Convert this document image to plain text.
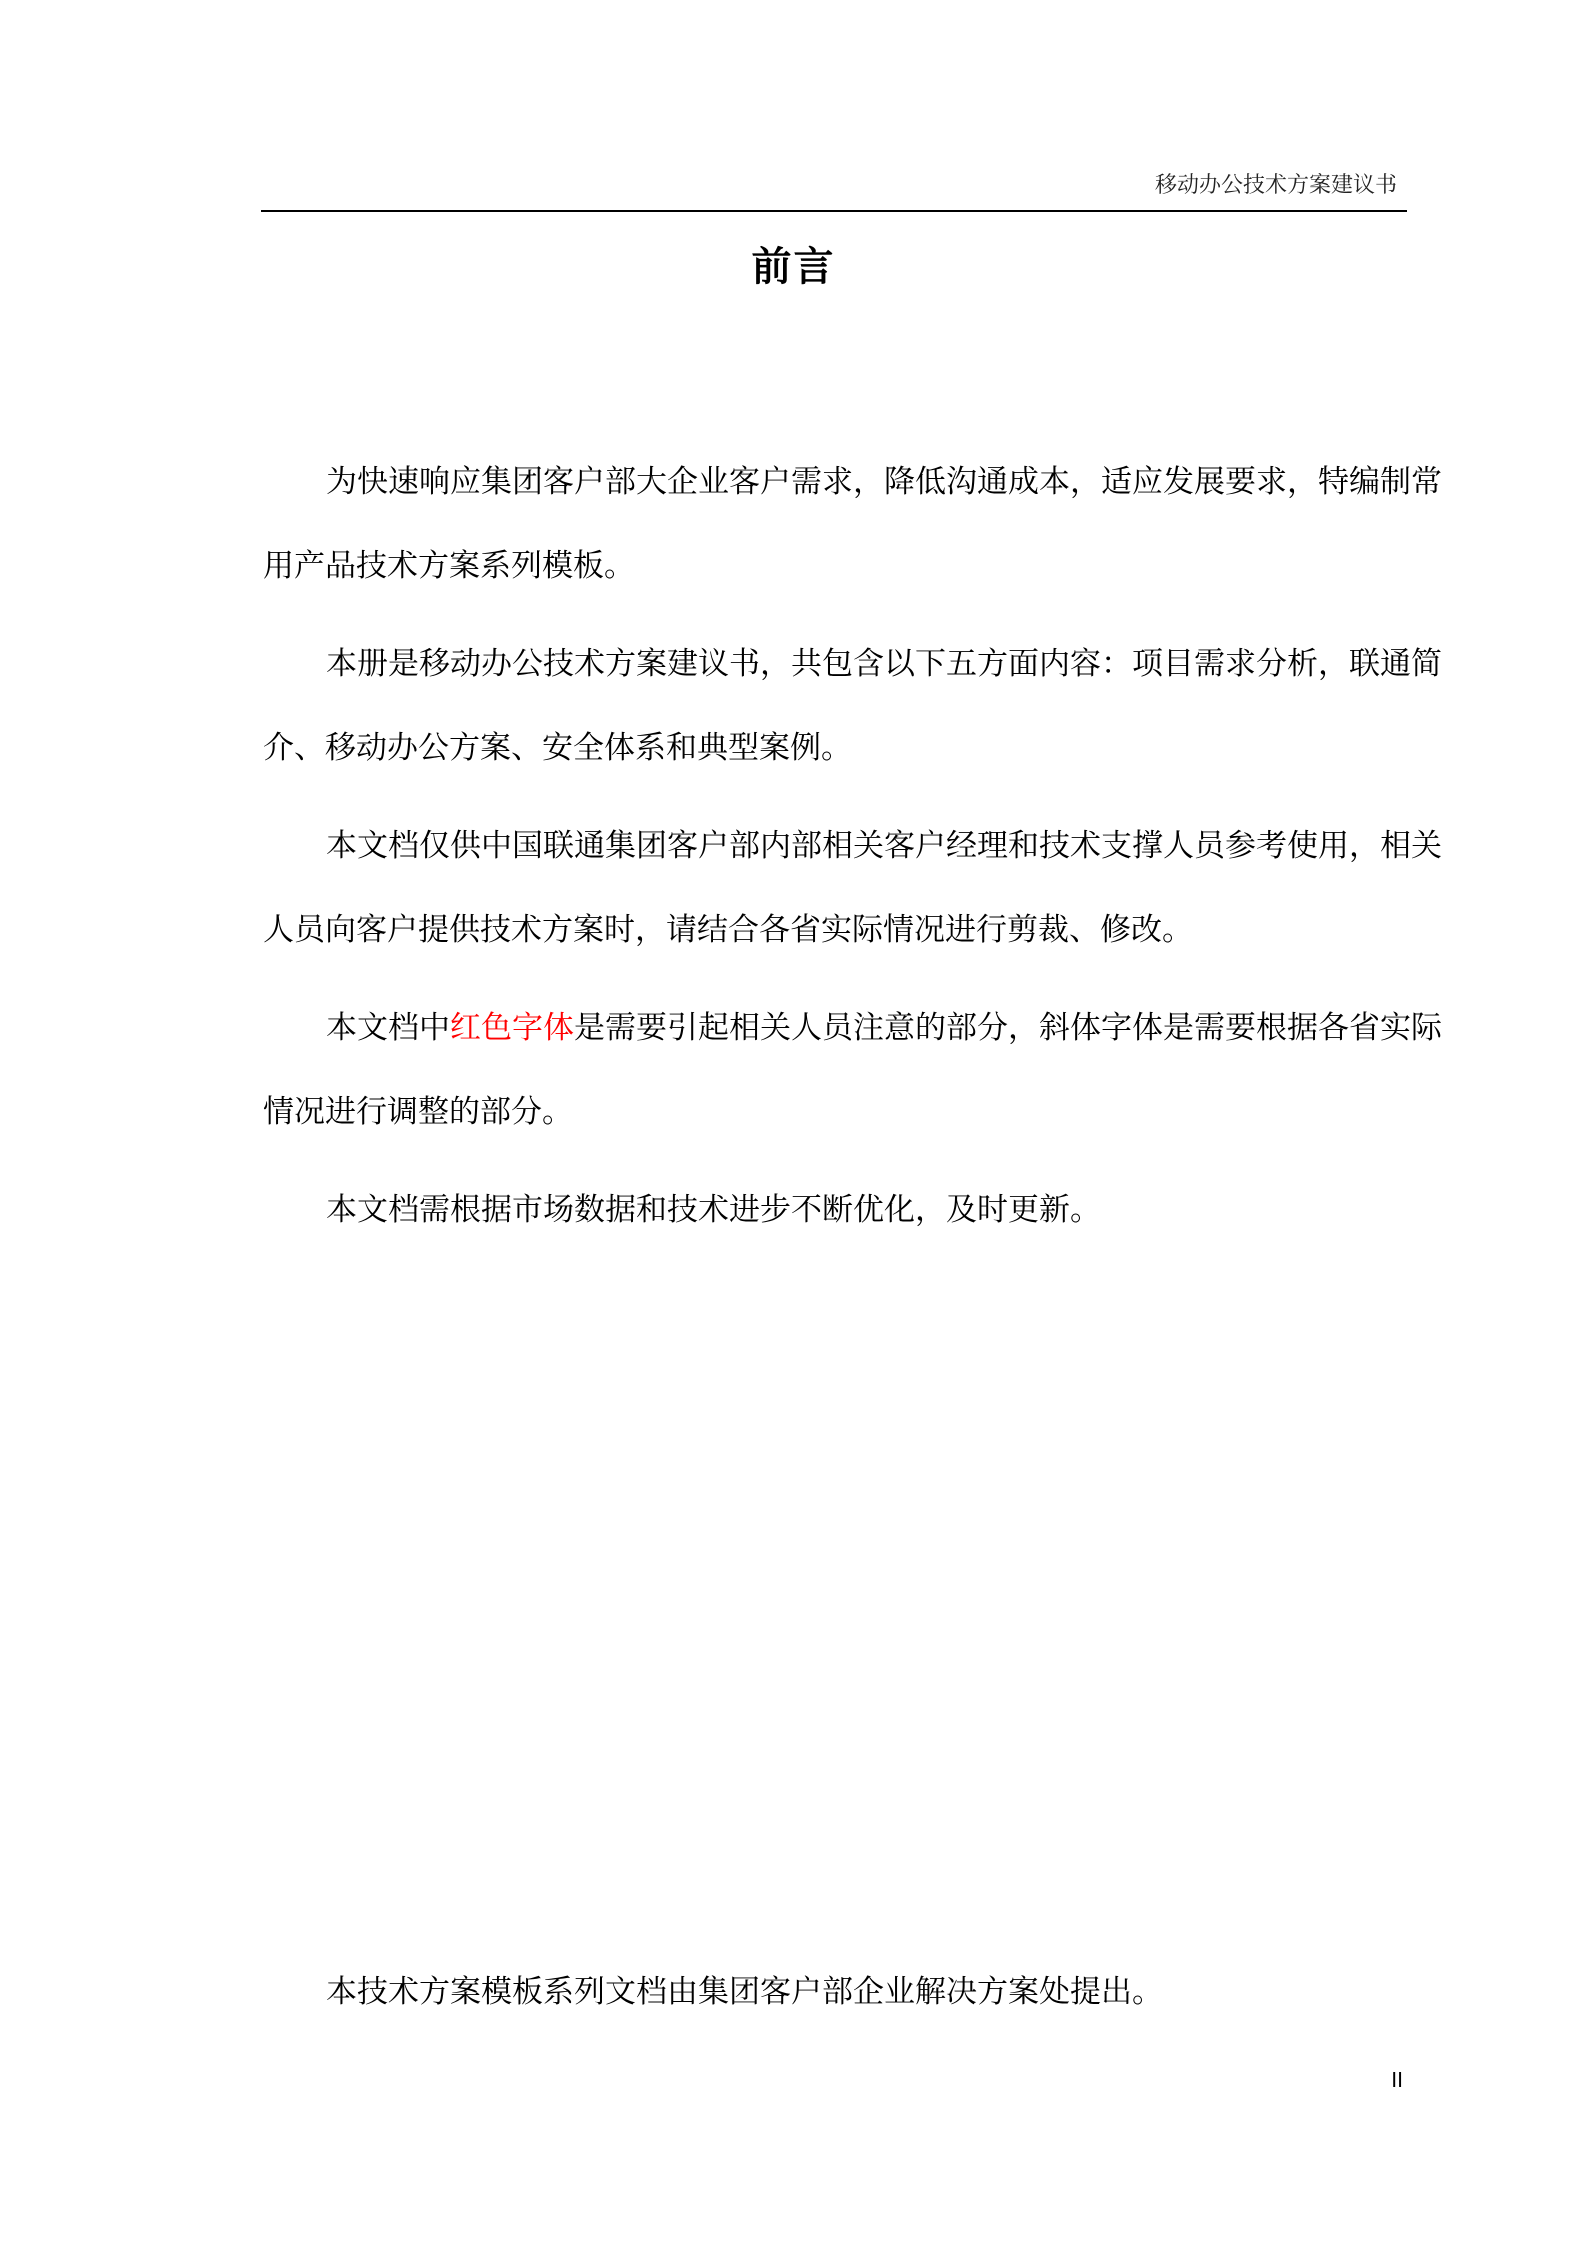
移动办公技术方案建议书
前言

为快速响应集团客户部大企业客户需求，降低沟通成本，适应发展要求，特编制常用产品技术方案系列模板。

本册是移动办公技术方案建议书，共包含以下五方面内容：项目需求分析，联通简介、移动办公方案、安全体系和典型案例。

本文档仅供中国联通集团客户部内部相关客户经理和技术支撑人员参考使用，相关人员向客户提供技术方案时，请结合各省实际情况进行剪裁、修改。

本文档中红色字体是需要引起相关人员注意的部分，斜体字体是需要根据各省实际情况进行调整的部分。

本文档需根据市场数据和技术进步不断优化，及时更新。

本技术方案模板系列文档由集团客户部企业解决方案处提出。
II
